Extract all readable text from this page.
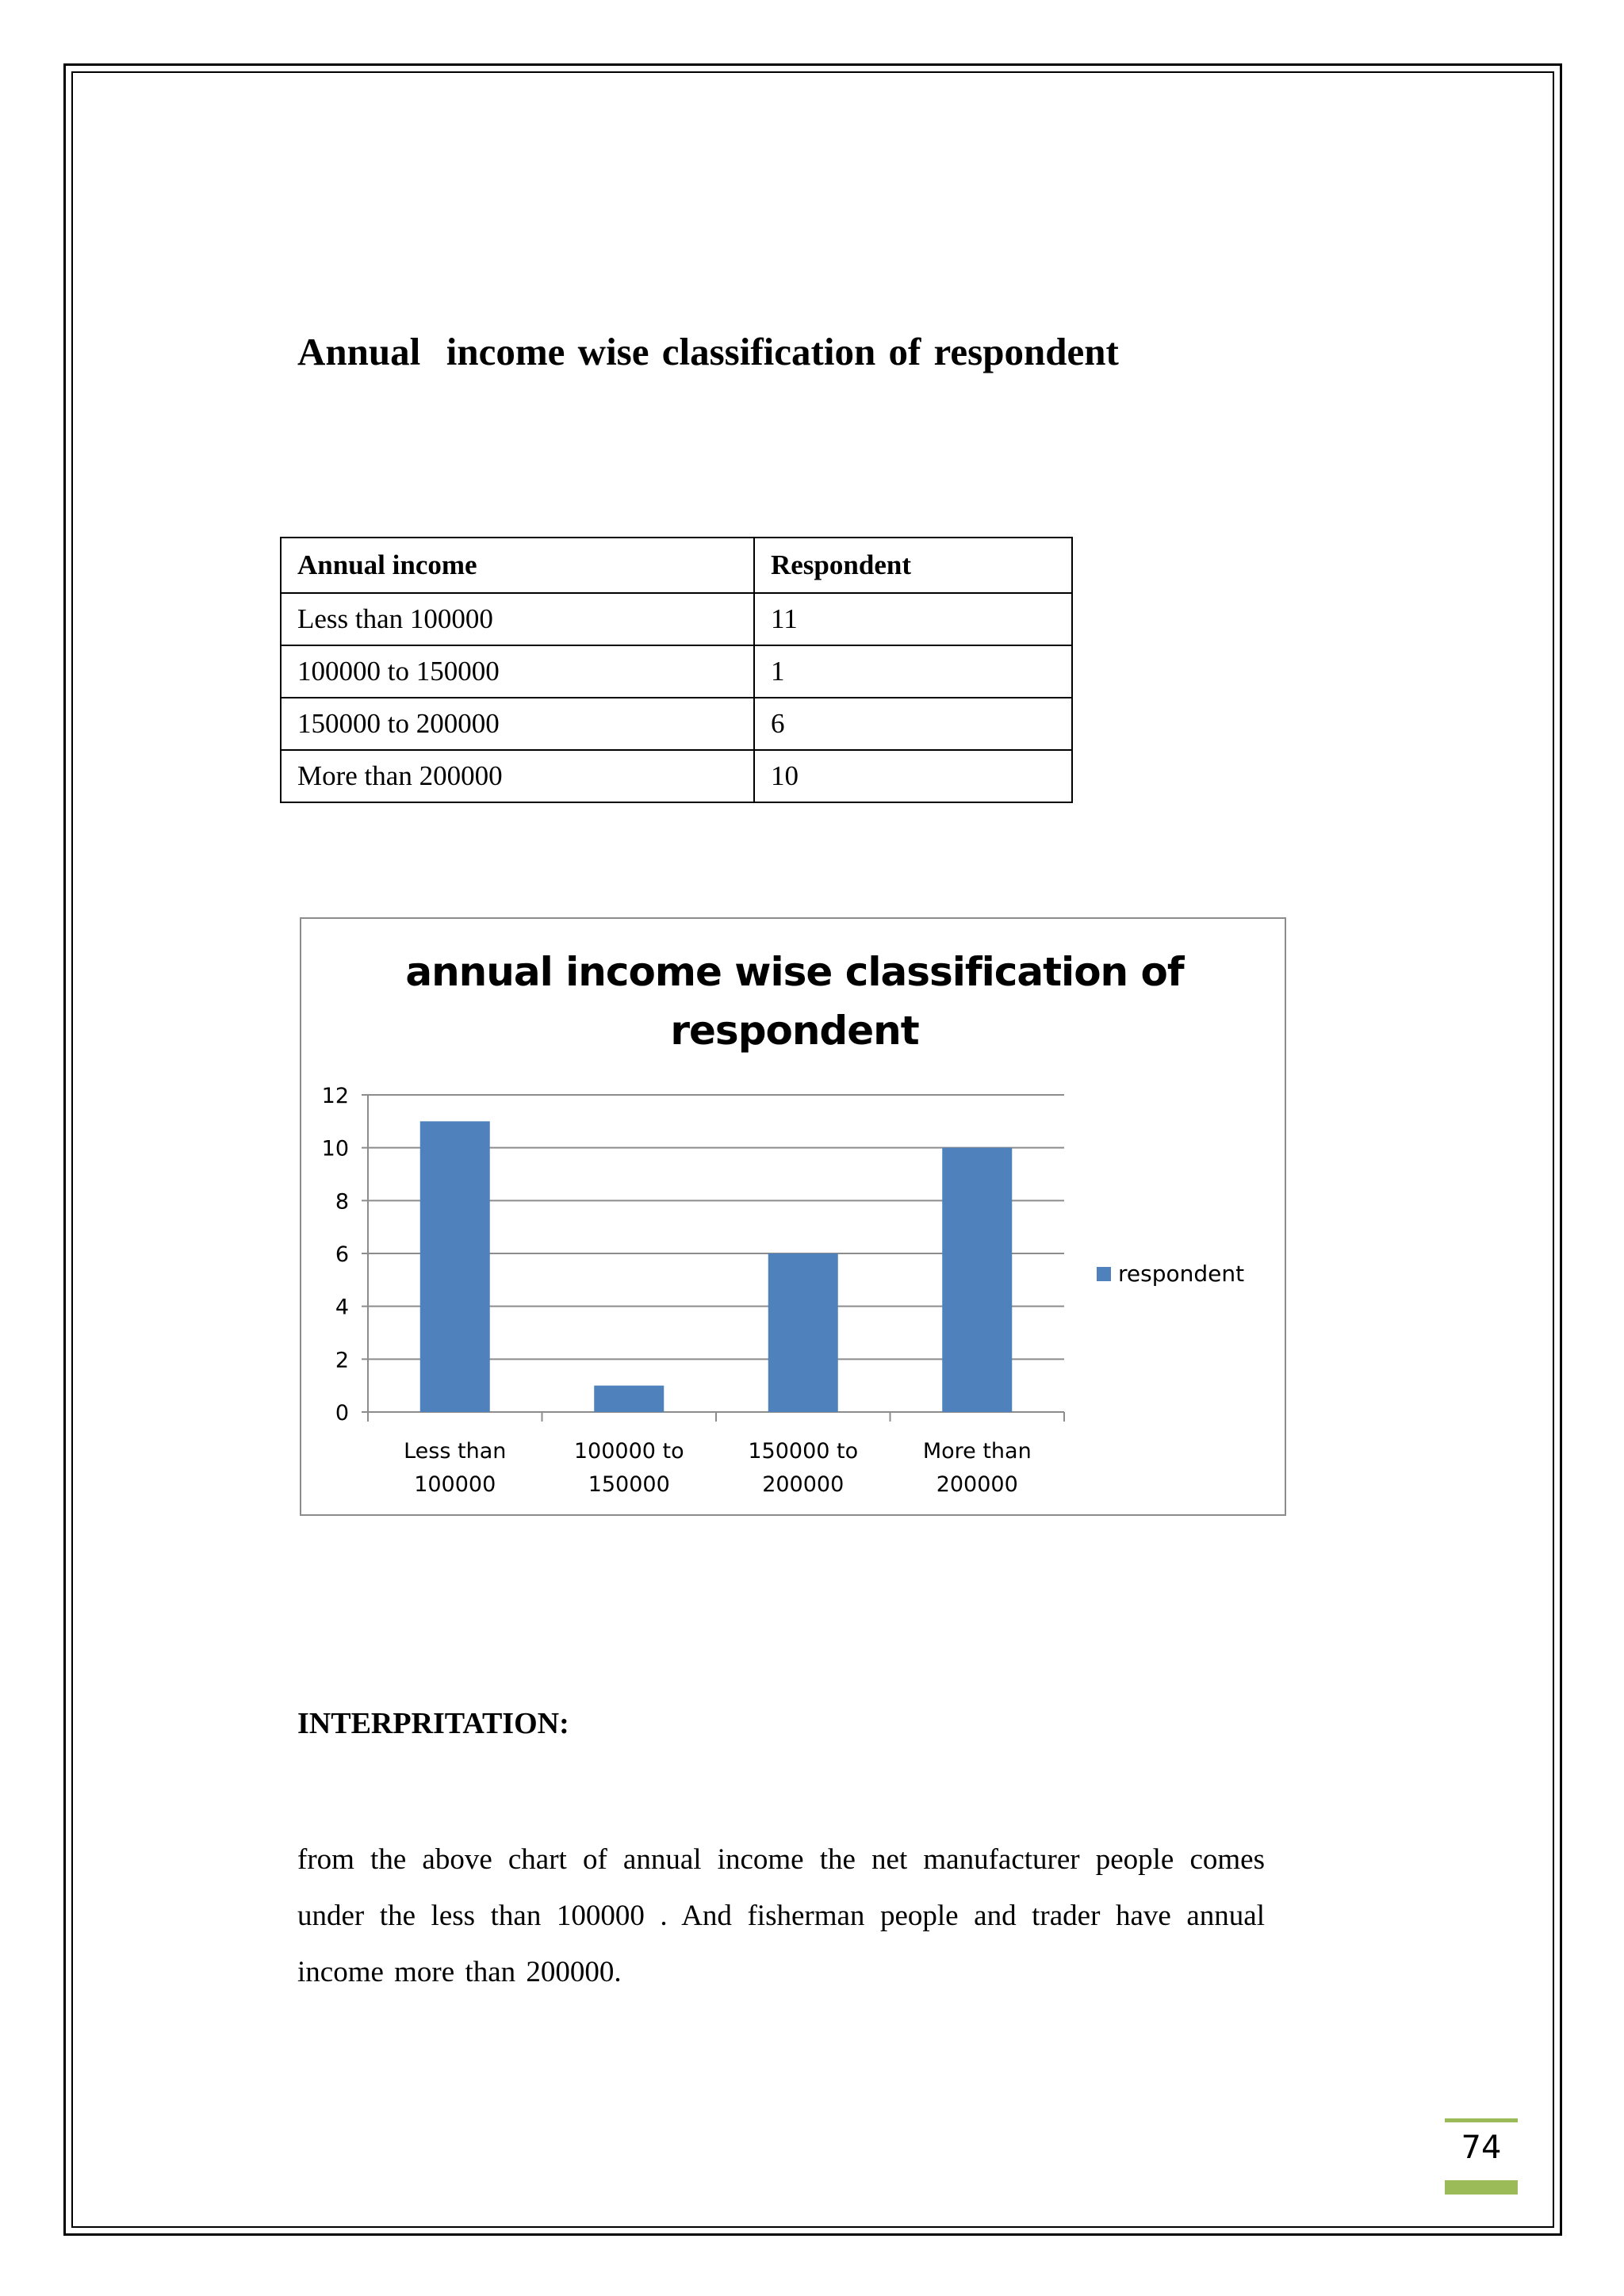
Annual  income wise classification of respondent
Annual income	Respondent
Less than 100000	11
100000 to 150000	1
150000 to 200000	6
More than 200000	10
annual income wise classification of
respondent
0
2
4
6
8
10
12
Less than
100000
100000 to
150000
150000 to
200000
More than
200000
respondent
INTERPRITATION:
from the above chart of annual income the net manufacturer people comes under the less than 100000 . And fisherman people and trader have annual income more than 200000.
74
